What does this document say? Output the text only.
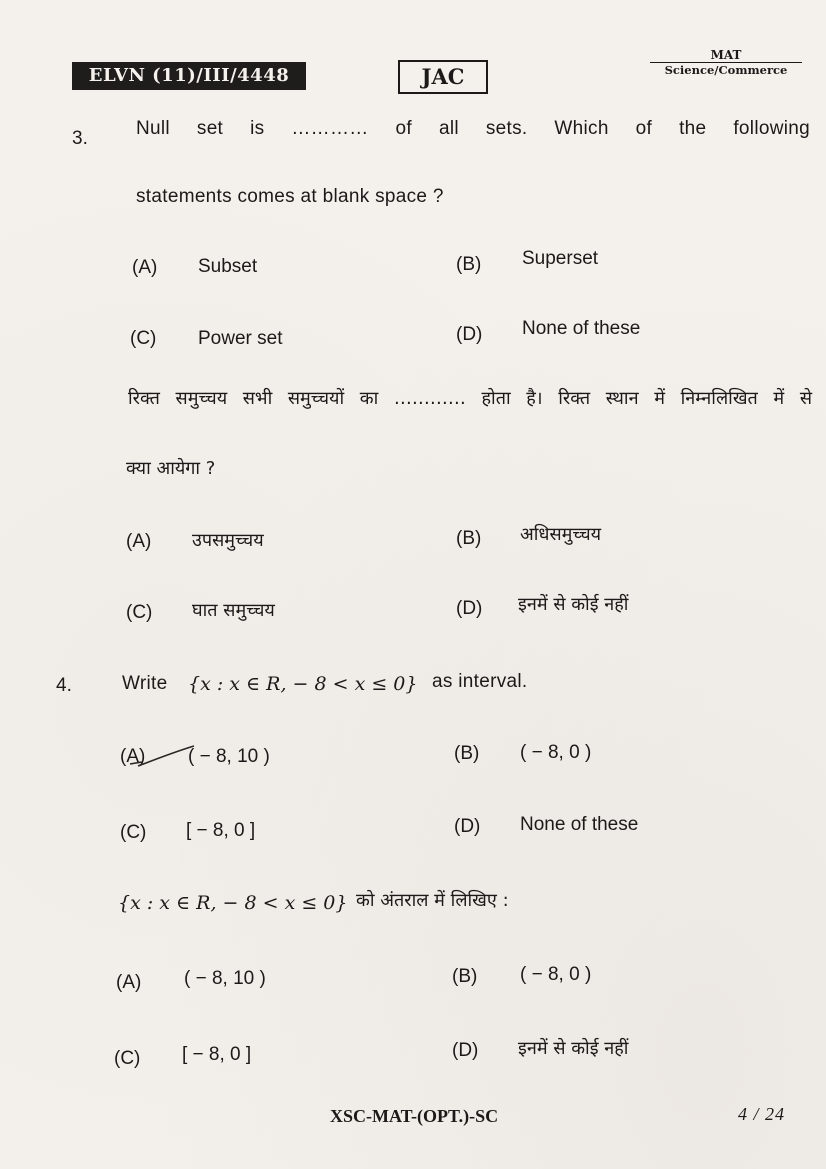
ELVN (11)/III/4448	JAC
MAT
Science/Commerce
3.	Null set is ………… of all sets. Which of the following
statements comes at blank space ?
(A) Subset	(B) Superset
(C) Power set	(D) None of these
रिक्त समुच्चय सभी समुच्चयों का ………… होता है। रिक्त स्थान में निम्नलिखित में से
क्या आयेगा ?
(A) उपसमुच्चय	(B) अधिसमुच्चय
(C) घात समुच्चय	(D) इनमें से कोई नहीं
4.	Write {x : x ∈ R, − 8 < x ≤ 0} as interval.
(A) ( − 8, 10 )	(B) ( − 8, 0 )
(C) [ − 8, 0 ]	(D) None of these
{x : x ∈ R, − 8 < x ≤ 0} को अंतराल में लिखिए :
(A) ( − 8, 10 )	(B) ( − 8, 0 )
(C) [ − 8, 0 ]	(D) इनमें से कोई नहीं
XSC-MAT-(OPT.)-SC	4 / 24
